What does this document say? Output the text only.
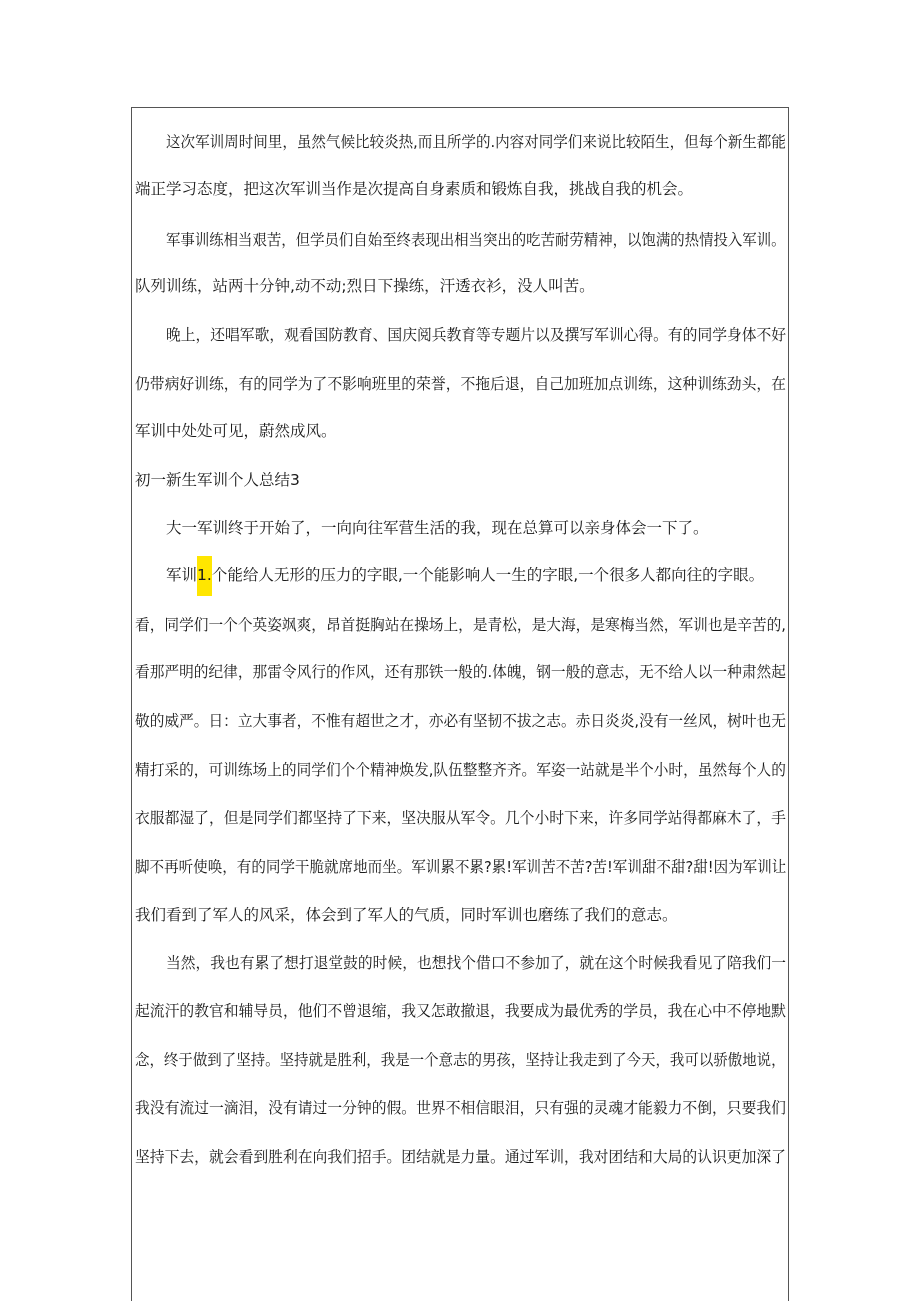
这次军训周时间里，虽然气候比较炎热,而且所学的.内容对同学们来说比较陌生，但每个新生都能
端正学习态度，把这次军训当作是次提高自身素质和锻炼自我，挑战自我的机会。
军事训练相当艰苦，但学员们自始至终表现出相当突出的吃苦耐劳精神，以饱满的热情投入军训。
队列训练，站两十分钟,动不动;烈日下操练，汗透衣衫，没人叫苦。
晚上，还唱军歌，观看国防教育、国庆阅兵教育等专题片以及撰写军训心得。有的同学身体不好
仍带病好训练，有的同学为了不影响班里的荣誉，不拖后退，自己加班加点训练，这种训练劲头，在
军训中处处可见，蔚然成风。
初一新生军训个人总结3
大一军训终于开始了，一向向往军营生活的我，现在总算可以亲身体会一下了。
军训1.个能给人无形的压力的字眼,一个能影响人一生的字眼,一个很多人都向往的字眼。
看，同学们一个个英姿飒爽，昂首挺胸站在操场上，是青松，是大海，是寒梅当然，军训也是辛苦的,
看那严明的纪律，那雷令风行的作风，还有那铁一般的.体魄，钢一般的意志，无不给人以一种肃然起
敬的威严。日：立大事者，不惟有超世之才，亦必有坚韧不拔之志。赤日炎炎,没有一丝风，树叶也无
精打采的，可训练场上的同学们个个精神焕发,队伍整整齐齐。军姿一站就是半个小时，虽然每个人的
衣服都湿了，但是同学们都坚持了下来，坚决服从军令。几个小时下来，许多同学站得都麻木了，手
脚不再听使唤，有的同学干脆就席地而坐。军训累不累?累!军训苦不苦?苦!军训甜不甜?甜!因为军训让
我们看到了军人的风采，体会到了军人的气质，同时军训也磨练了我们的意志。
当然，我也有累了想打退堂鼓的时候，也想找个借口不参加了，就在这个时候我看见了陪我们一
起流汗的教官和辅导员，他们不曾退缩，我又怎敢撤退，我要成为最优秀的学员，我在心中不停地默
念，终于做到了坚持。坚持就是胜利，我是一个意志的男孩，坚持让我走到了今天，我可以骄傲地说，
我没有流过一滴泪，没有请过一分钟的假。世界不相信眼泪，只有强的灵魂才能毅力不倒，只要我们
坚持下去，就会看到胜利在向我们招手。团结就是力量。通过军训，我对团结和大局的认识更加深了
